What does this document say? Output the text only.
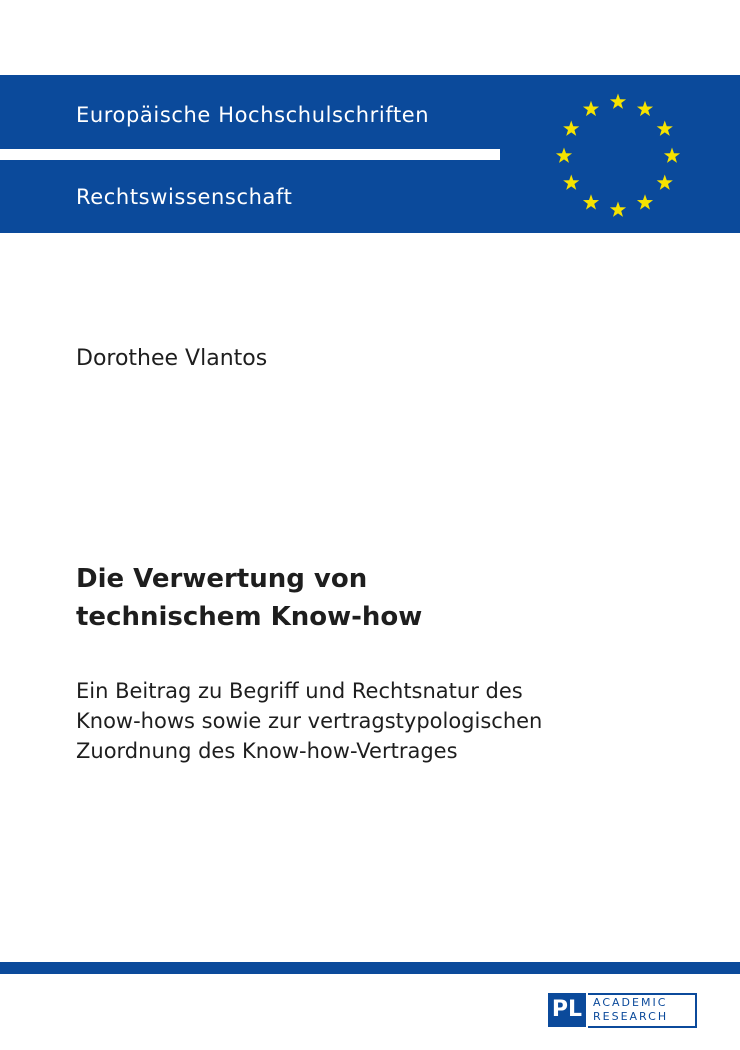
Europäische Hochschulschriften
Rechtswissenschaft
Dorothee Vlantos
Die Verwertung von
technischem Know-how
Ein Beitrag zu Begriff und Rechtsnatur des
Know-hows sowie zur vertragstypologischen
Zuordnung des Know-how-Vertrages
PL ACADEMIC
RESEARCH
